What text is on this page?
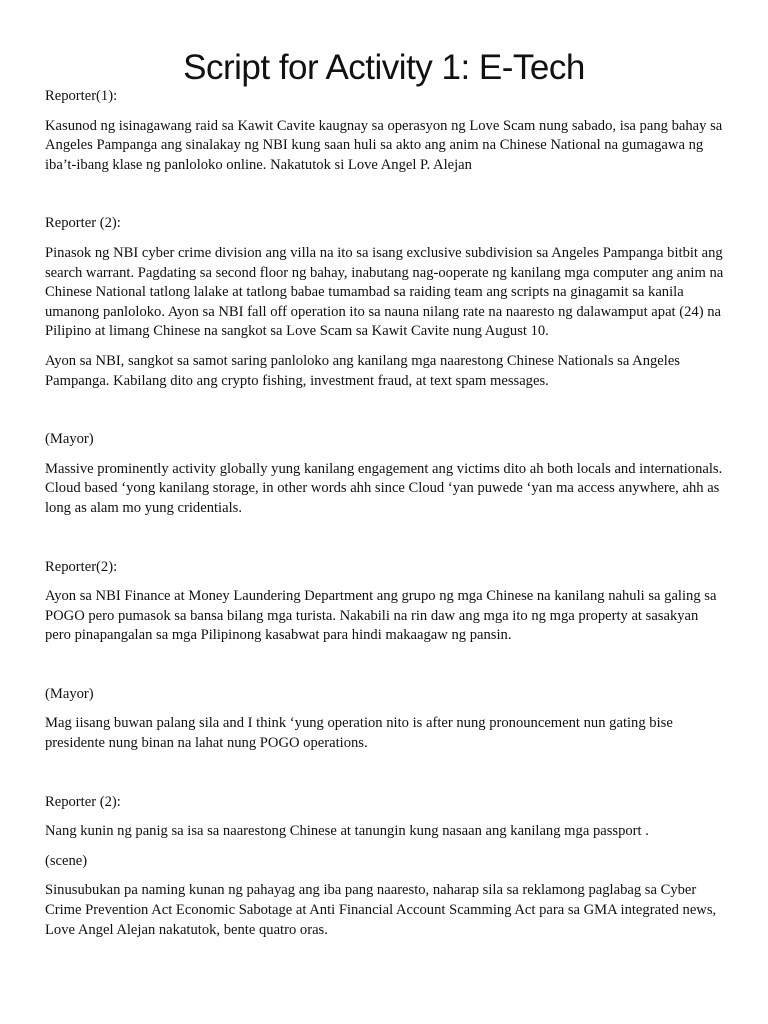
Script for Activity 1: E-Tech

Reporter(1):

Kasunod ng isinagawang raid sa Kawit Cavite kaugnay sa operasyon ng Love Scam nung sabado, isa pang bahay sa Angeles Pampanga ang sinalakay ng NBI kung saan huli sa akto ang anim na Chinese National na gumagawa ng iba’t-ibang klase ng panloloko online. Nakatutok si Love Angel P. Alejan

Reporter (2):

Pinasok ng NBI cyber crime division ang villa na ito sa isang exclusive subdivision sa Angeles Pampanga bitbit ang search warrant. Pagdating sa second floor ng bahay, inabutang nag-ooperate ng kanilang mga computer ang anim na Chinese National tatlong lalake at tatlong babae tumambad sa raiding team ang scripts na ginagamit sa kanila umanong panloloko. Ayon sa NBI fall off operation ito sa nauna nilang rate na naaresto ng dalawamput apat (24) na Pilipino at limang Chinese na sangkot sa Love Scam sa Kawit Cavite nung August 10.

Ayon sa NBI, sangkot sa samot saring panloloko ang kanilang mga naarestong Chinese Nationals sa Angeles Pampanga. Kabilang dito ang crypto fishing, investment fraud, at text spam messages.

(Mayor)

Massive prominently activity globally yung kanilang engagement ang victims dito ah both locals and internationals. Cloud based ‘yong kanilang storage, in other words ahh since Cloud ‘yan puwede ‘yan ma access anywhere, ahh as long as alam mo yung cridentials.

Reporter(2):

Ayon sa NBI Finance at Money Laundering Department ang grupo ng mga Chinese na kanilang nahuli sa galing sa POGO pero pumasok sa bansa bilang mga turista. Nakabili na rin daw ang mga ito ng mga property at sasakyan pero pinapangalan sa mga Pilipinong kasabwat para hindi makaagaw ng pansin.

(Mayor)

Mag iisang buwan palang sila and I think ‘yung operation nito is after nung pronouncement nun gating bise presidente nung binan na lahat nung POGO operations.

Reporter (2):

Nang kunin ng panig sa isa sa naarestong Chinese at tanungin kung nasaan ang kanilang mga passport .

(scene)

Sinusubukan pa naming kunan ng pahayag ang iba pang naaresto, naharap sila sa reklamong paglabag sa Cyber Crime Prevention Act Economic Sabotage at Anti Financial Account Scamming Act para sa GMA integrated news, Love Angel Alejan nakatutok, bente quatro oras.
